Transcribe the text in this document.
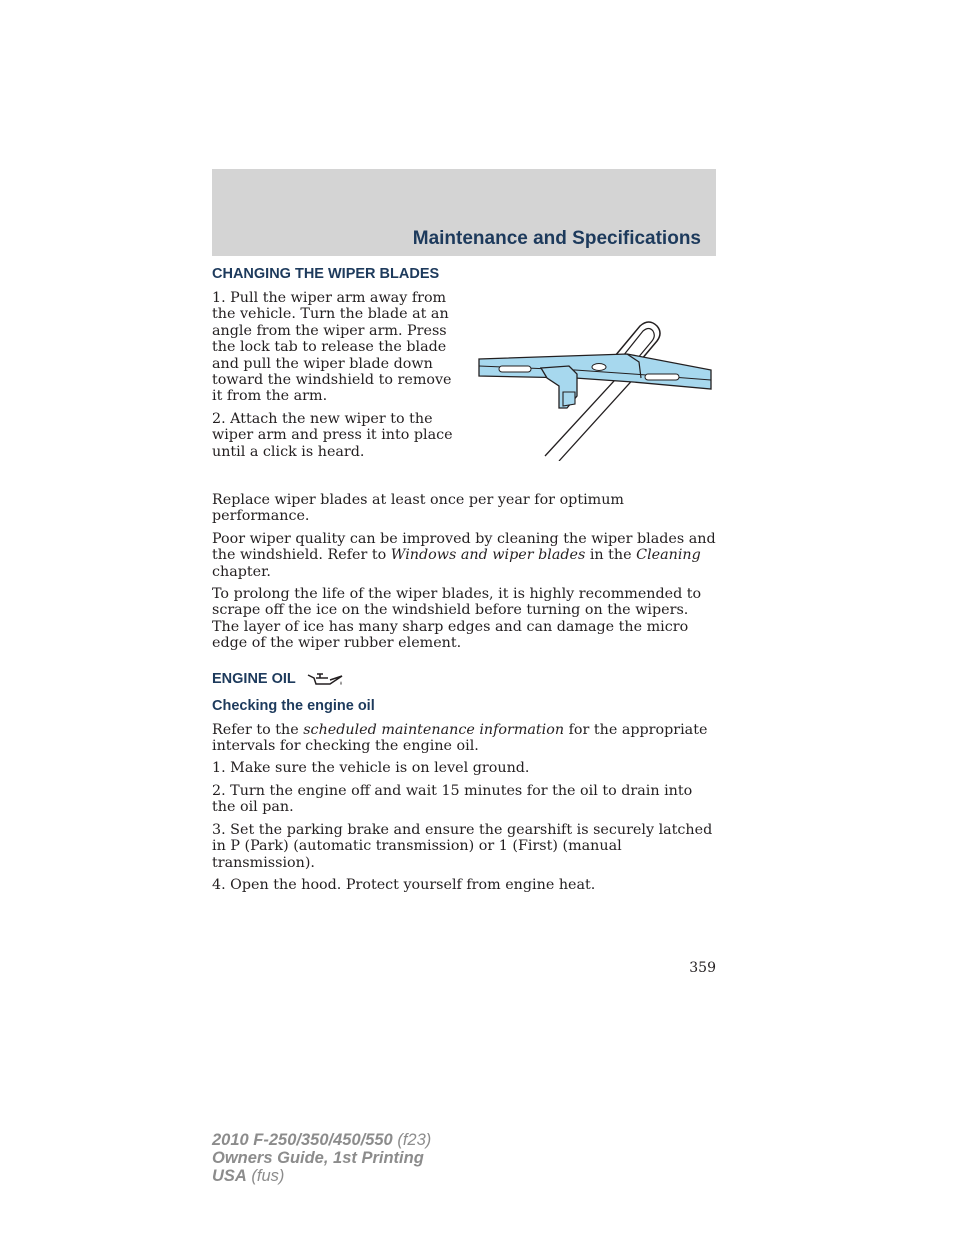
Maintenance and Specifications
CHANGING THE WIPER BLADES

1. Pull the wiper arm away from the vehicle. Turn the blade at an angle from the wiper arm. Press the lock tab to release the blade and pull the wiper blade down toward the windshield to remove it from the arm.

2. Attach the new wiper to the wiper arm and press it into place until a click is heard.

Replace wiper blades at least once per year for optimum performance.

Poor wiper quality can be improved by cleaning the wiper blades and the windshield. Refer to Windows and wiper blades in the Cleaning chapter.

To prolong the life of the wiper blades, it is highly recommended to scrape off the ice on the windshield before turning on the wipers. The layer of ice has many sharp edges and can damage the micro edge of the wiper rubber element.

ENGINE OIL
Checking the engine oil

Refer to the scheduled maintenance information for the appropriate intervals for checking the engine oil.

1. Make sure the vehicle is on level ground.

2. Turn the engine off and wait 15 minutes for the oil to drain into the oil pan.

3. Set the parking brake and ensure the gearshift is securely latched in P (Park) (automatic transmission) or 1 (First) (manual transmission).

4. Open the hood. Protect yourself from engine heat.

359
2010 F-250/350/450/550 (f23)
Owners Guide, 1st Printing
USA (fus)
